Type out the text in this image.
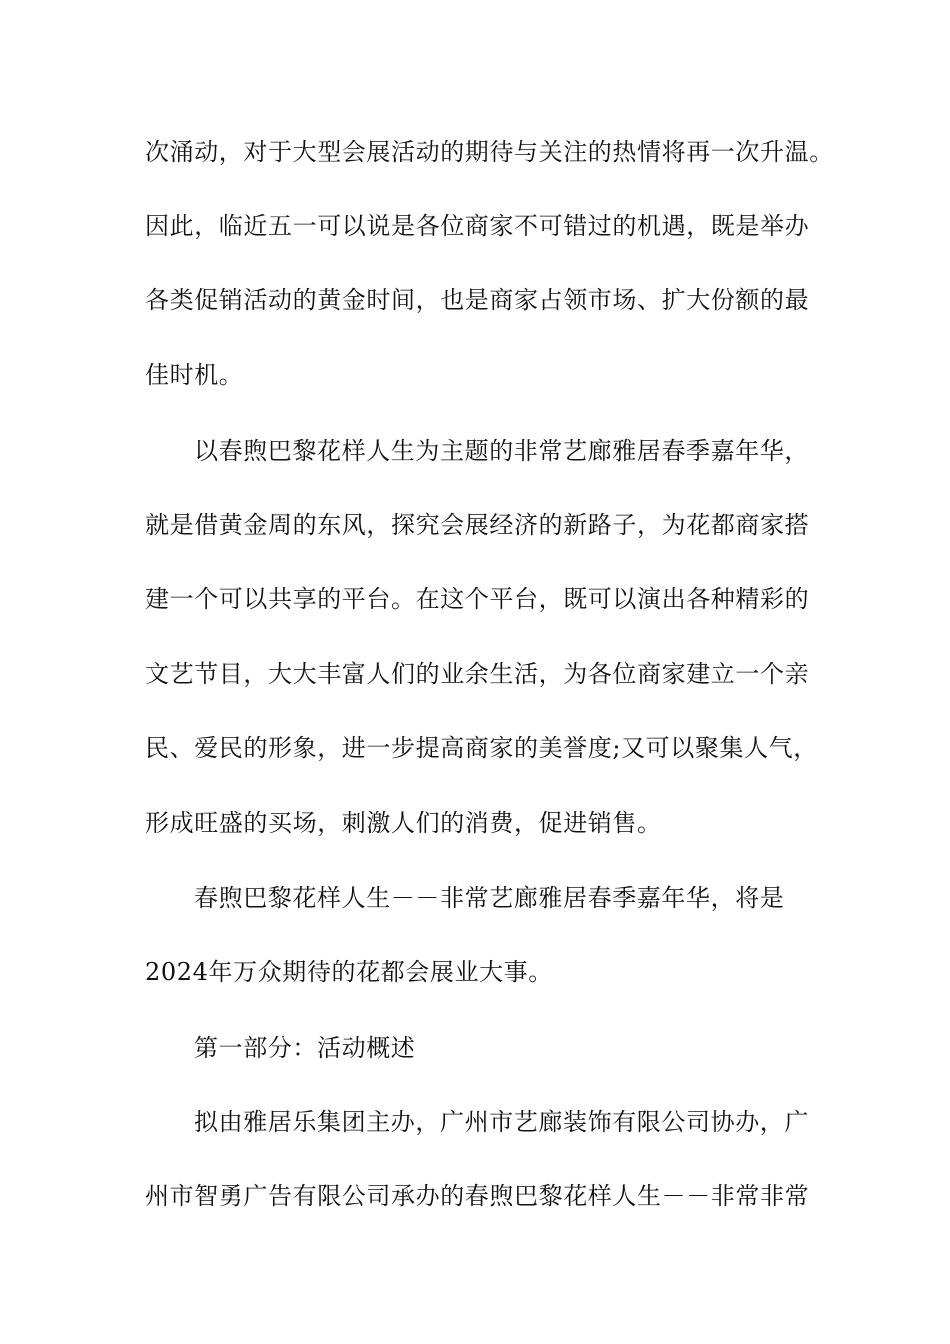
次涌动，对于大型会展活动的期待与关注的热情将再一次升温。
因此，临近五一可以说是各位商家不可错过的机遇，既是举办
各类促销活动的黄金时间，也是商家占领市场、扩大份额的最
佳时机。
以春煦巴黎花样人生为主题的非常艺廊雅居春季嘉年华，
就是借黄金周的东风，探究会展经济的新路子，为花都商家搭
建一个可以共享的平台。在这个平台，既可以演出各种精彩的
文艺节目，大大丰富人们的业余生活，为各位商家建立一个亲
民、爱民的形象，进一步提高商家的美誉度;又可以聚集人气，
形成旺盛的买场，刺激人们的消费，促进销售。
春煦巴黎花样人生－－非常艺廊雅居春季嘉年华，将是
2024年万众期待的花都会展业大事。
第一部分：活动概述
拟由雅居乐集团主办，广州市艺廊装饰有限公司协办，广
州市智勇广告有限公司承办的春煦巴黎花样人生－－非常非常
